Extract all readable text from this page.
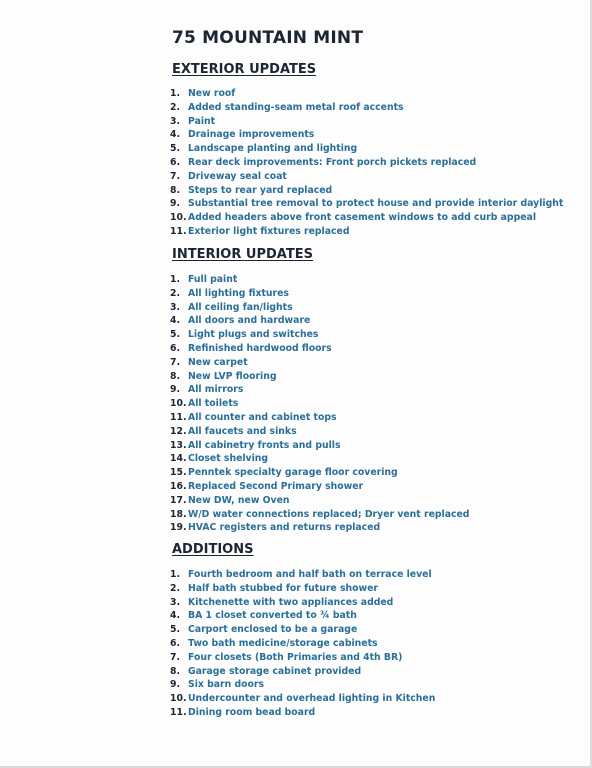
75 MOUNTAIN MINT
EXTERIOR UPDATES
1. New roof
2. Added standing-seam metal roof accents
3. Paint
4. Drainage improvements
5. Landscape planting and lighting
6. Rear deck improvements: Front porch pickets replaced
7. Driveway seal coat
8. Steps to rear yard replaced
9. Substantial tree removal to protect house and provide interior daylight
10. Added headers above front casement windows to add curb appeal
11. Exterior light fixtures replaced
INTERIOR UPDATES
1. Full paint
2. All lighting fixtures
3. All ceiling fan/lights
4. All doors and hardware
5. Light plugs and switches
6. Refinished hardwood floors
7. New carpet
8. New LVP flooring
9. All mirrors
10. All toilets
11. All counter and cabinet tops
12. All faucets and sinks
13. All cabinetry fronts and pulls
14. Closet shelving
15. Penntek specialty garage floor covering
16. Replaced Second Primary shower
17. New DW, new Oven
18. W/D water connections replaced; Dryer vent replaced
19. HVAC registers and returns replaced
ADDITIONS
1. Fourth bedroom and half bath on terrace level
2. Half bath stubbed for future shower
3. Kitchenette with two appliances added
4. BA 1 closet converted to ¾ bath
5. Carport enclosed to be a garage
6. Two bath medicine/storage cabinets
7. Four closets (Both Primaries and 4th BR)
8. Garage storage cabinet provided
9. Six barn doors
10. Undercounter and overhead lighting in Kitchen
11. Dining room bead board
